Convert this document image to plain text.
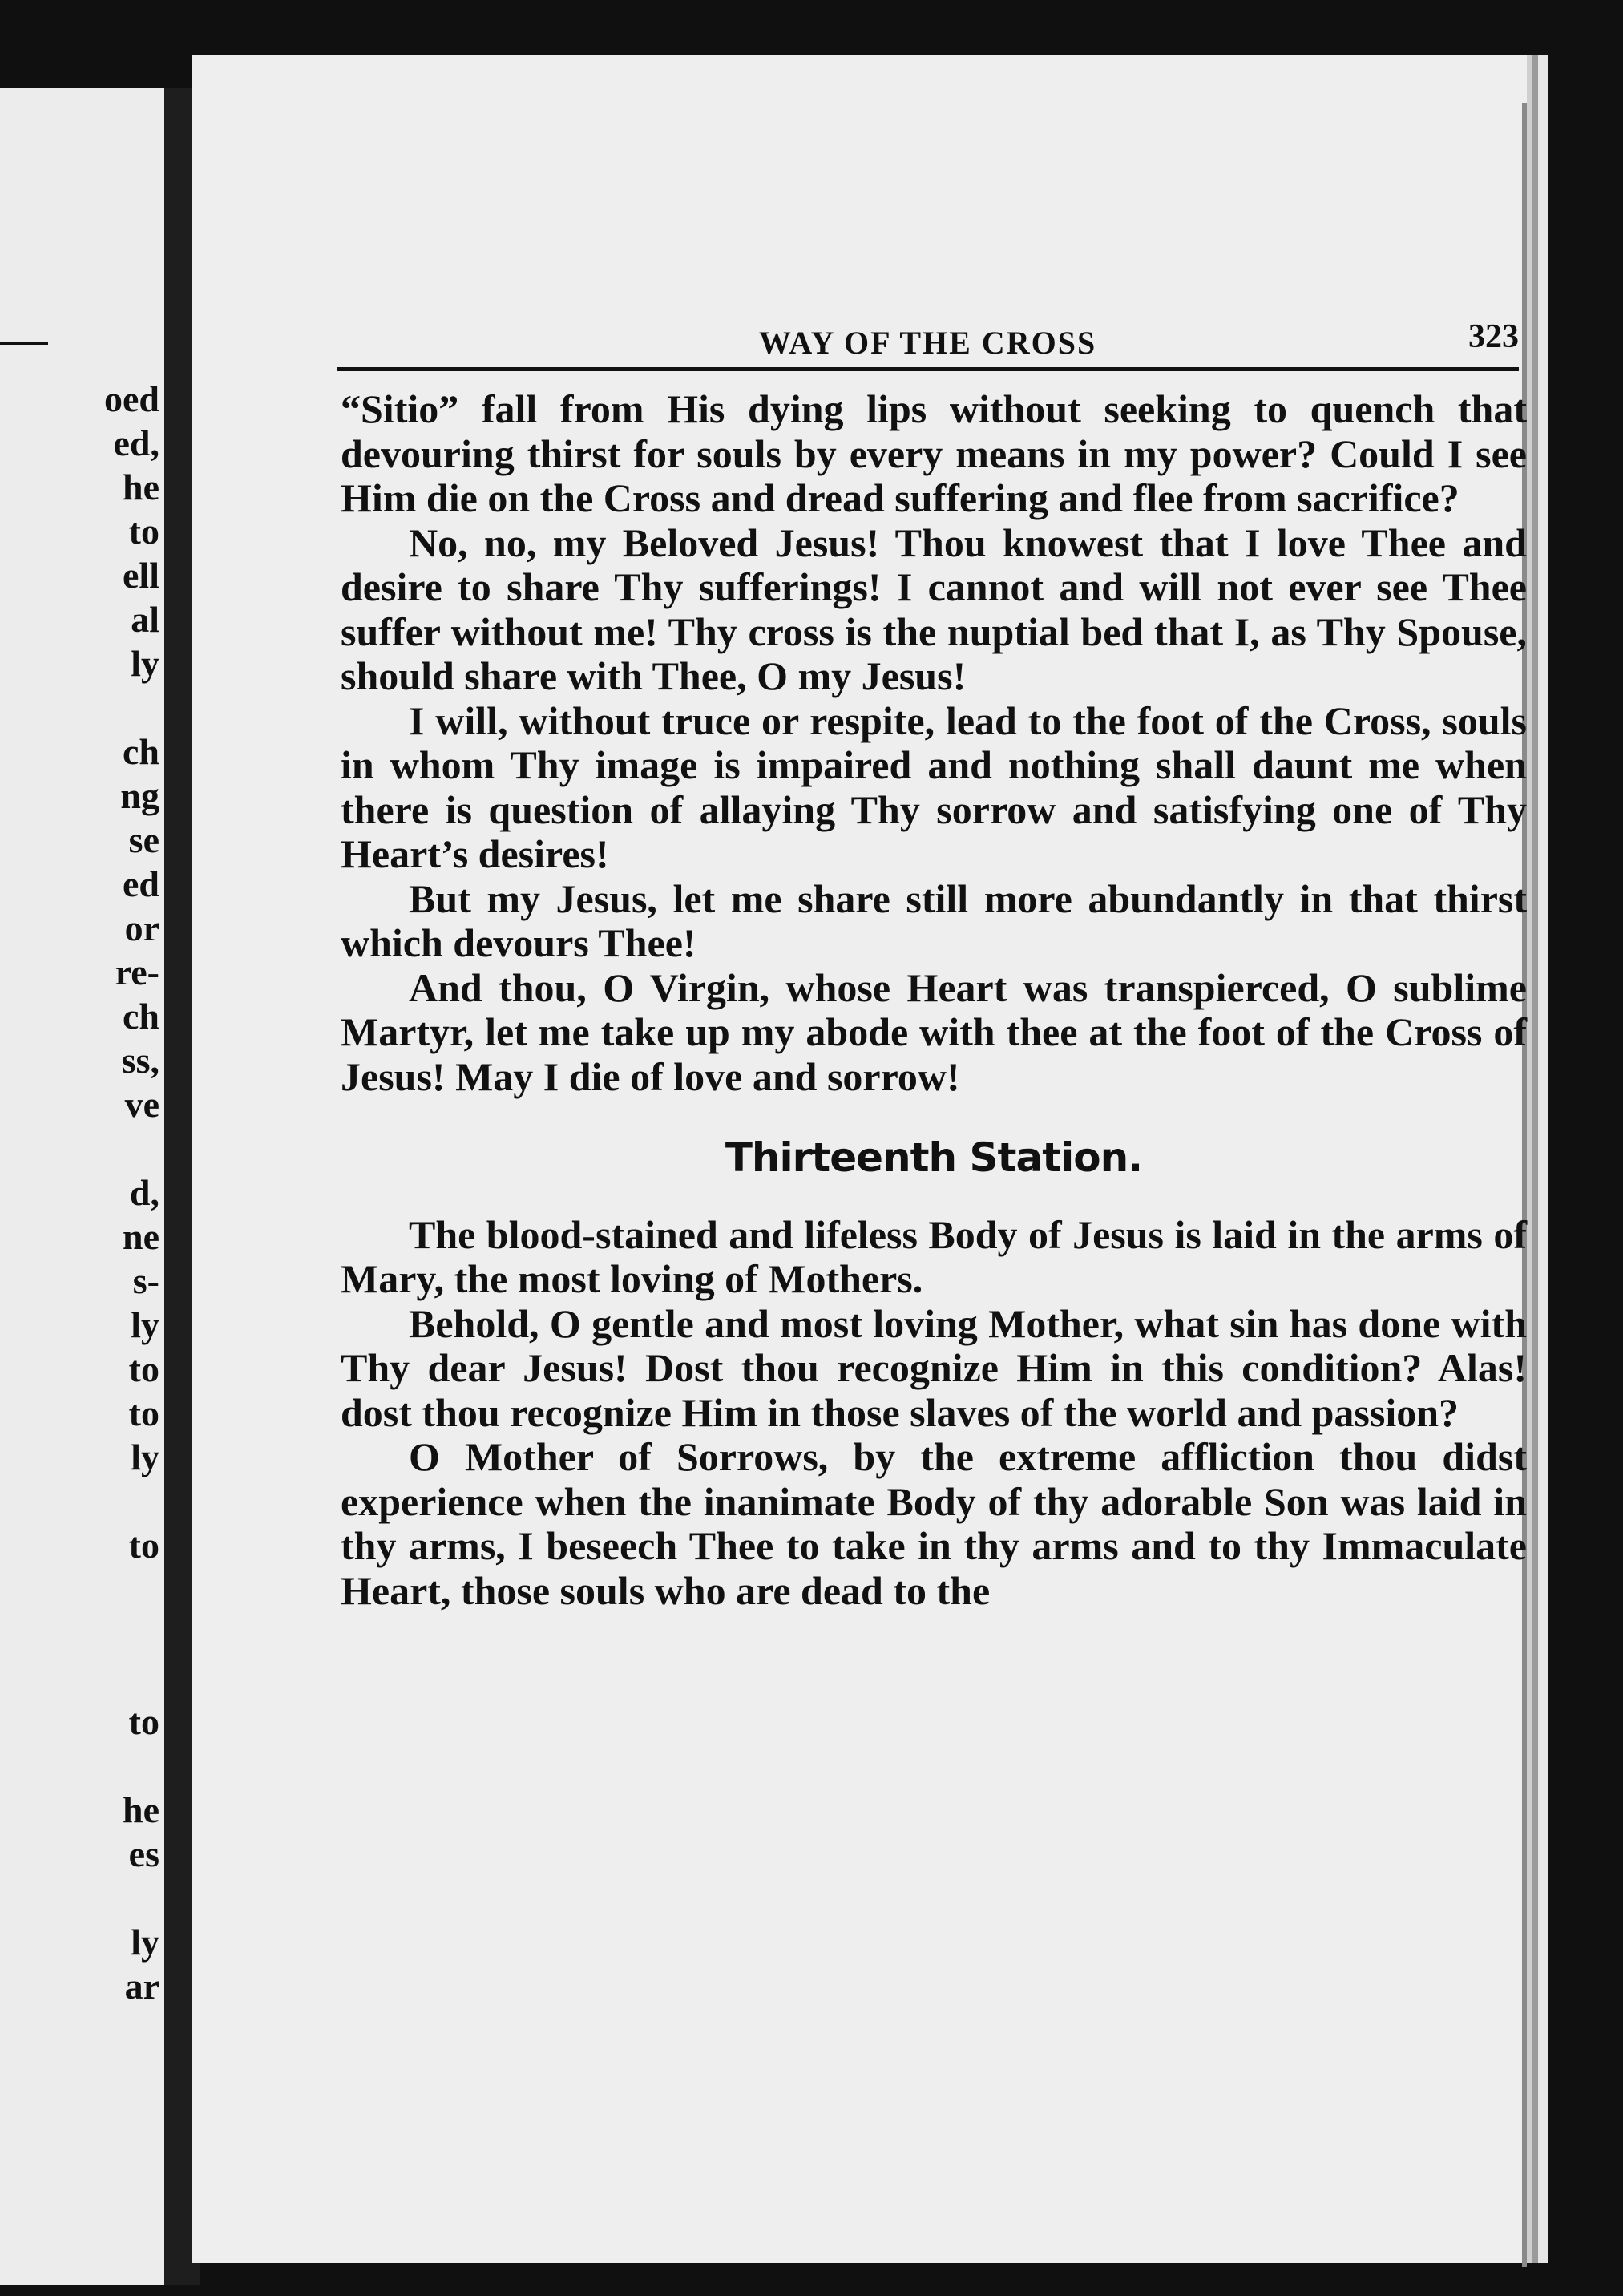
oed
ed,
he
to
ell
al
ly
ch
ng
se
ed
or
re-
ch
ss,
ve
d,
ne
s-
ly
to
to
ly
to
to
he
es
ly
ar
WAY OF THE CROSS	323

“Sitio” fall from His dying lips without seeking to quench that devouring thirst for souls by every means in my power? Could I see Him die on the Cross and dread suffering and flee from sacrifice?

No, no, my Beloved Jesus! Thou knowest that I love Thee and desire to share Thy sufferings! I cannot and will not ever see Thee suffer without me! Thy cross is the nuptial bed that I, as Thy Spouse, should share with Thee, O my Jesus!

I will, without truce or respite, lead to the foot of the Cross, souls in whom Thy image is impaired and nothing shall daunt me when there is question of allaying Thy sorrow and satisfying one of Thy Heart’s desires!

But my Jesus, let me share still more abundantly in that thirst which devours Thee!

And thou, O Virgin, whose Heart was transpierced, O sublime Martyr, let me take up my abode with thee at the foot of the Cross of Jesus! May I die of love and sorrow!

Thirteenth Station.

The blood-stained and lifeless Body of Jesus is laid in the arms of Mary, the most loving of Mothers.

Behold, O gentle and most loving Mother, what sin has done with Thy dear Jesus! Dost thou recognize Him in this condition? Alas! dost thou recognize Him in those slaves of the world and passion?

O Mother of Sorrows, by the extreme affliction thou didst experience when the inanimate Body of thy adorable Son was laid in thy arms, I beseech Thee to take in thy arms and to thy Immaculate Heart, those souls who are dead to the
